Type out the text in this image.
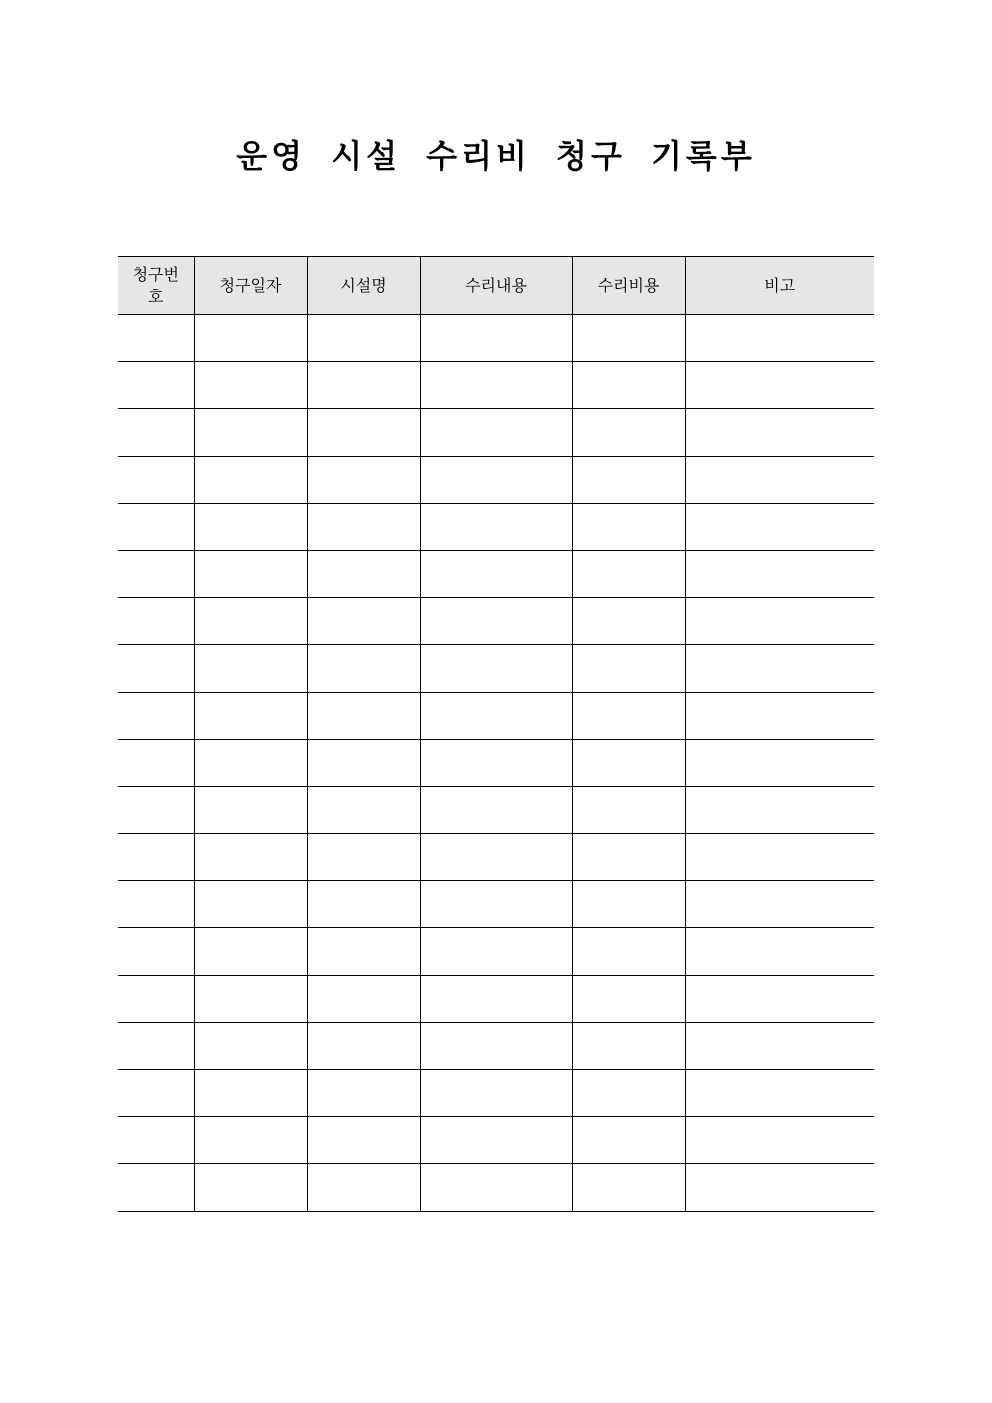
운영 시설 수리비 청구 기록부
청구번호	청구일자	시설명	수리내용	수리비용	비고
